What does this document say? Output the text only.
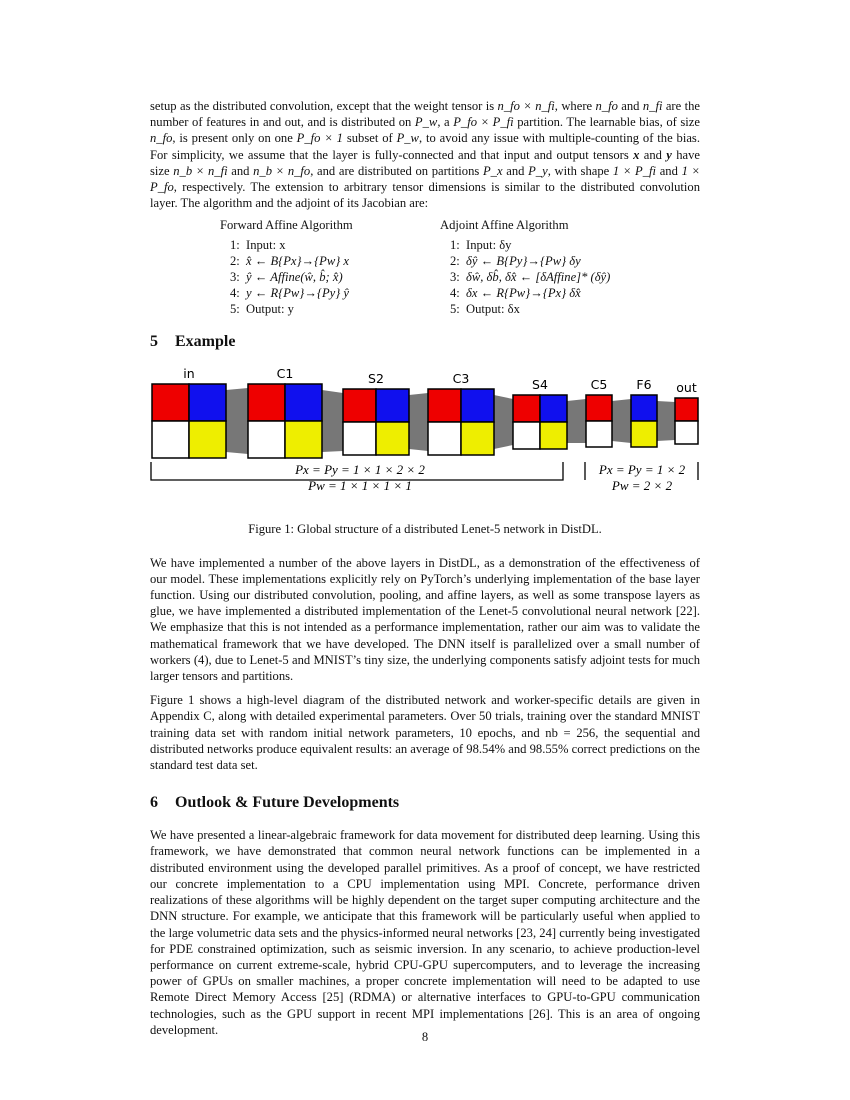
setup as the distributed convolution, except that the weight tensor is n_fo × n_fi, where n_fo and n_fi are the number of features in and out, and is distributed on P_w, a P_fo × P_fi partition. The learnable bias, of size n_fo, is present only on one P_fo × 1 subset of P_w, to avoid any issue with multiple-counting of the bias. For simplicity, we assume that the layer is fully-connected and that input and output tensors x and y have size n_b × n_fi and n_b × n_fo, and are distributed on partitions P_x and P_y, with shape 1 × P_fi and 1 × P_fo, respectively. The extension to arbitrary tensor dimensions is similar to the distributed convolution layer. The algorithm and the adjoint of its Jacobian are:

Forward Affine Algorithm
1: Input: x
2: x̂ ← B{Px}→{Pw} x
3: ŷ ← Affine(ŵ, b̂; x̂)
4: y ← R{Pw}→{Py} ŷ
5: Output: y
Adjoint Affine Algorithm
1: Input: δy
2: δŷ ← B{Py}→{Pw} δy
3: δŵ, δb̂, δx̂ ← [δAffine]* (δŷ)
4: δx ← R{Pw}→{Px} δx̂
5: Output: δx
5 Example
in	C1	S2	C3	S4	C5 F6 out
Px = Py = 1 × 1 × 2 × 2
Pw = 1 × 1 × 1 × 1
Px = Py = 1 × 2
Pw = 2 × 2
Figure 1: Global structure of a distributed Lenet-5 network in DistDL.

We have implemented a number of the above layers in DistDL, as a demonstration of the effectiveness of our model. These implementations explicitly rely on PyTorch’s underlying implementation of the base layer function. Using our distributed convolution, pooling, and affine layers, as well as some transpose layers as glue, we have implemented a distributed implementation of the Lenet-5 convolutional neural network [22]. We emphasize that this is not intended as a performance implementation, rather our aim was to validate the mathematical framework that we have developed. The DNN itself is parallelized over a small number of workers (4), due to Lenet-5 and MNIST’s tiny size, the underlying components satisfy adjoint tests for much larger tensors and partitions.

Figure 1 shows a high-level diagram of the distributed network and worker-specific details are given in Appendix C, along with detailed experimental parameters. Over 50 trials, training over the standard MNIST training data set with random initial network parameters, 10 epochs, and nb = 256, the sequential and distributed networks produce equivalent results: an average of 98.54% and 98.55% correct predictions on the standard test data set.

6 Outlook & Future Developments

We have presented a linear-algebraic framework for data movement for distributed deep learning. Using this framework, we have demonstrated that common neural network functions can be implemented in a distributed environment using the developed parallel primitives. As a proof of concept, we have restricted our concrete implementation to a CPU implementation using MPI. Concrete, performance driven realizations of these algorithms will be highly dependent on the target super computing architecture and the DNN structure. For example, we anticipate that this framework will be particularly useful when applied to the large volumetric data sets and the physics-informed neural networks [23, 24] currently being investigated for PDE constrained optimization, such as seismic inversion. In any scenario, to achieve production-level performance on current extreme-scale, hybrid CPU-GPU supercomputers, and to leverage the increasing power of GPUs on smaller machines, a proper concrete implementation will need to be adapted to use Remote Direct Memory Access [25] (RDMA) or alternative interfaces to GPU-to-GPU communication technologies, such as the GPU support in recent MPI implementations [26]. This is an area of ongoing development.

8
